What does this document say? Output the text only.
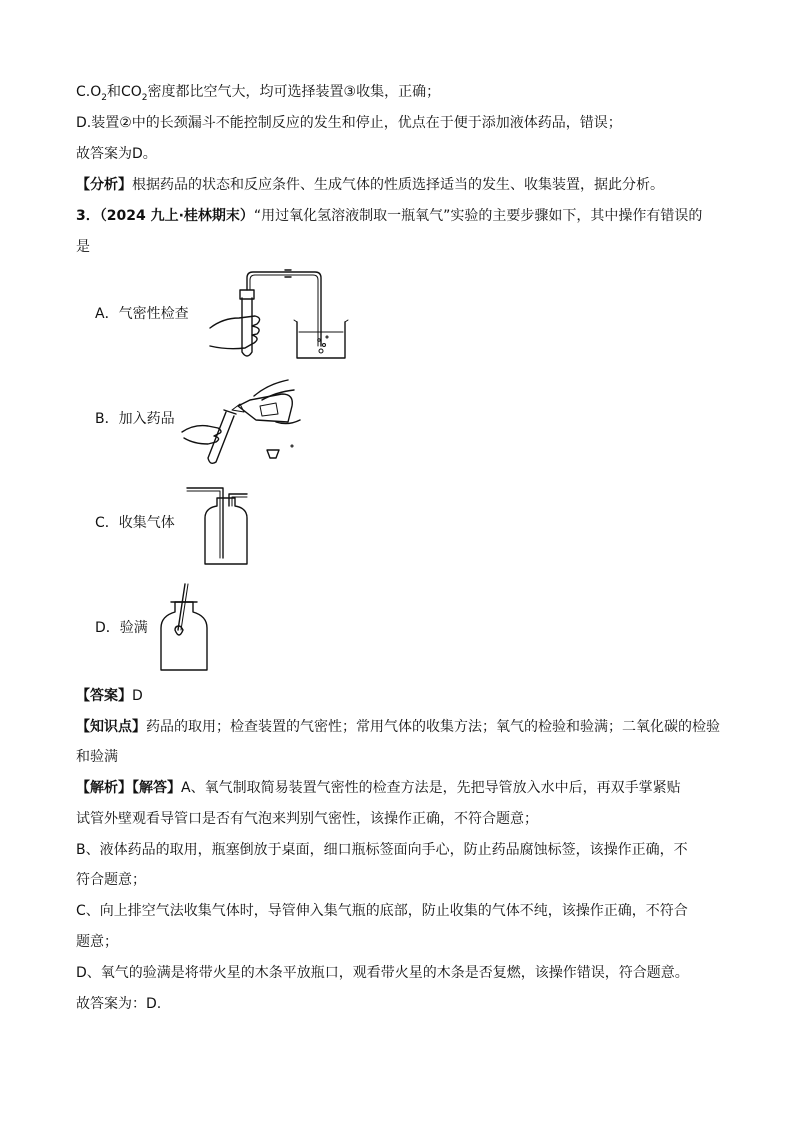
$C.O_2$和$CO_2$密度都比空气大，均可选择装置③收集，正确；
D.装置②中的长颈漏斗不能控制反应的发生和停止，优点在于便于添加液体药品，错误；
故答案为D。
【分析】根据药品的状态和反应条件、生成气体的性质选择适当的发生、收集装置，据此分析。
3．（2024 九上·桂林期末）“用过氧化氢溶液制取一瓶氧气”实验的主要步骤如下，其中操作有错误的
是
A．气密性检查
B．加入药品
C．收集气体
D．验满
【答案】D
【知识点】药品的取用；检查装置的气密性；常用气体的收集方法；氧气的检验和验满；二氧化碳的检验
和验满
【解析】【解答】A、氧气制取简易装置气密性的检查方法是，先把导管放入水中后，再双手掌紧贴
试管外壁观看导管口是否有气泡来判别气密性，该操作正确，不符合题意；
B、液体药品的取用，瓶塞倒放于桌面，细口瓶标签面向手心，防止药品腐蚀标签，该操作正确，不
符合题意；
C、向上排空气法收集气体时，导管伸入集气瓶的底部，防止收集的气体不纯，该操作正确，不符合
题意；
D、氧气的验满是将带火星的木条平放瓶口，观看带火星的木条是否复燃，该操作错误，符合题意。
故答案为：D.
